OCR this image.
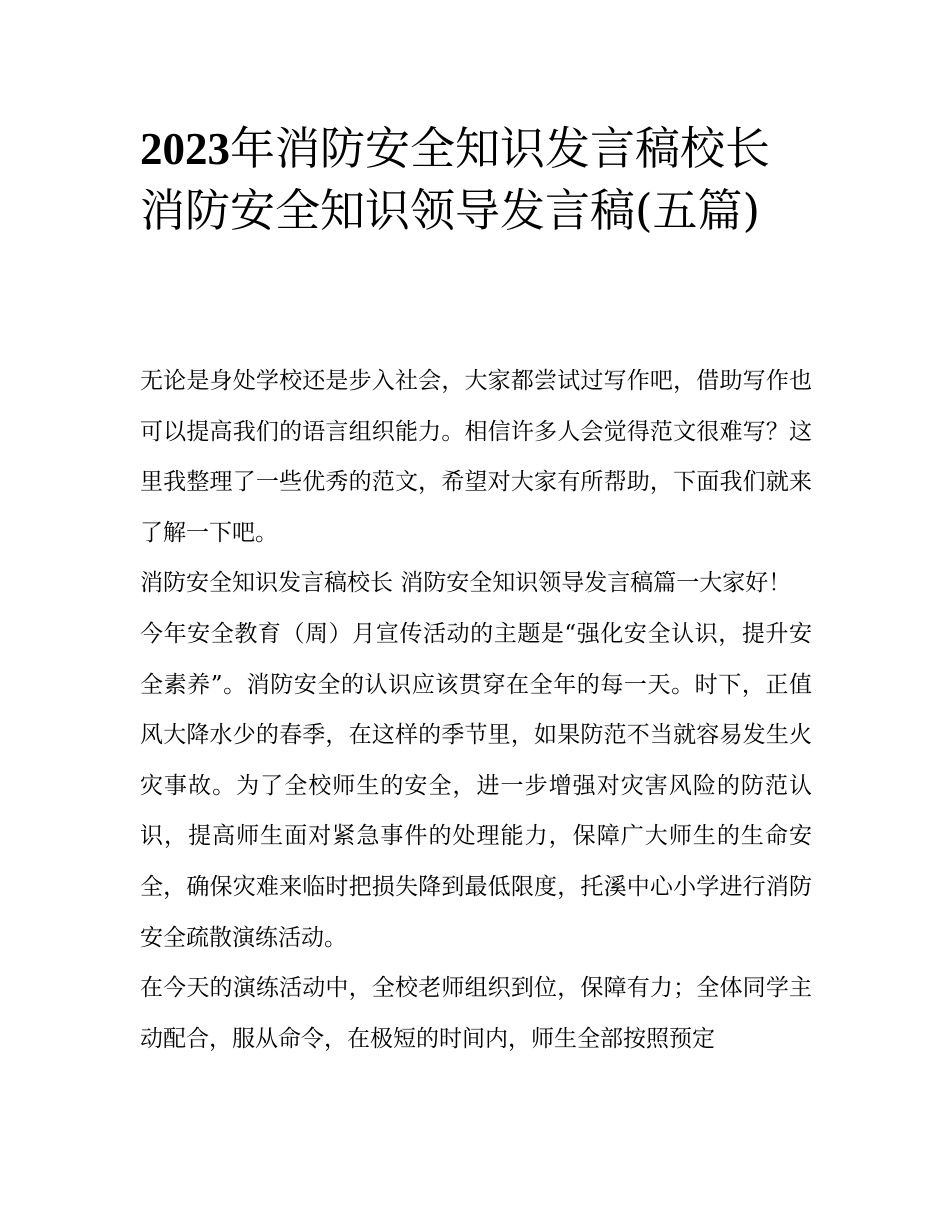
2023年消防安全知识发言稿校长 消防安全知识领导发言稿(五篇)

无论是身处学校还是步入社会，大家都尝试过写作吧，借助写作也可以提高我们的语言组织能力。相信许多人会觉得范文很难写？这里我整理了一些优秀的范文，希望对大家有所帮助，下面我们就来了解一下吧。

消防安全知识发言稿校长 消防安全知识领导发言稿篇一大家好！

今年安全教育（周）月宣传活动的主题是“强化安全认识，提升安全素养”。消防安全的认识应该贯穿在全年的每一天。时下，正值风大降水少的春季，在这样的季节里，如果防范不当就容易发生火灾事故。为了全校师生的安全，进一步增强对灾害风险的防范认识，提高师生面对紧急事件的处理能力，保障广大师生的生命安全，确保灾难来临时把损失降到最低限度，托溪中心小学进行消防安全疏散演练活动。

在今天的演练活动中，全校老师组织到位，保障有力；全体同学主动配合，服从命令，在极短的时间内，师生全部按照预定
